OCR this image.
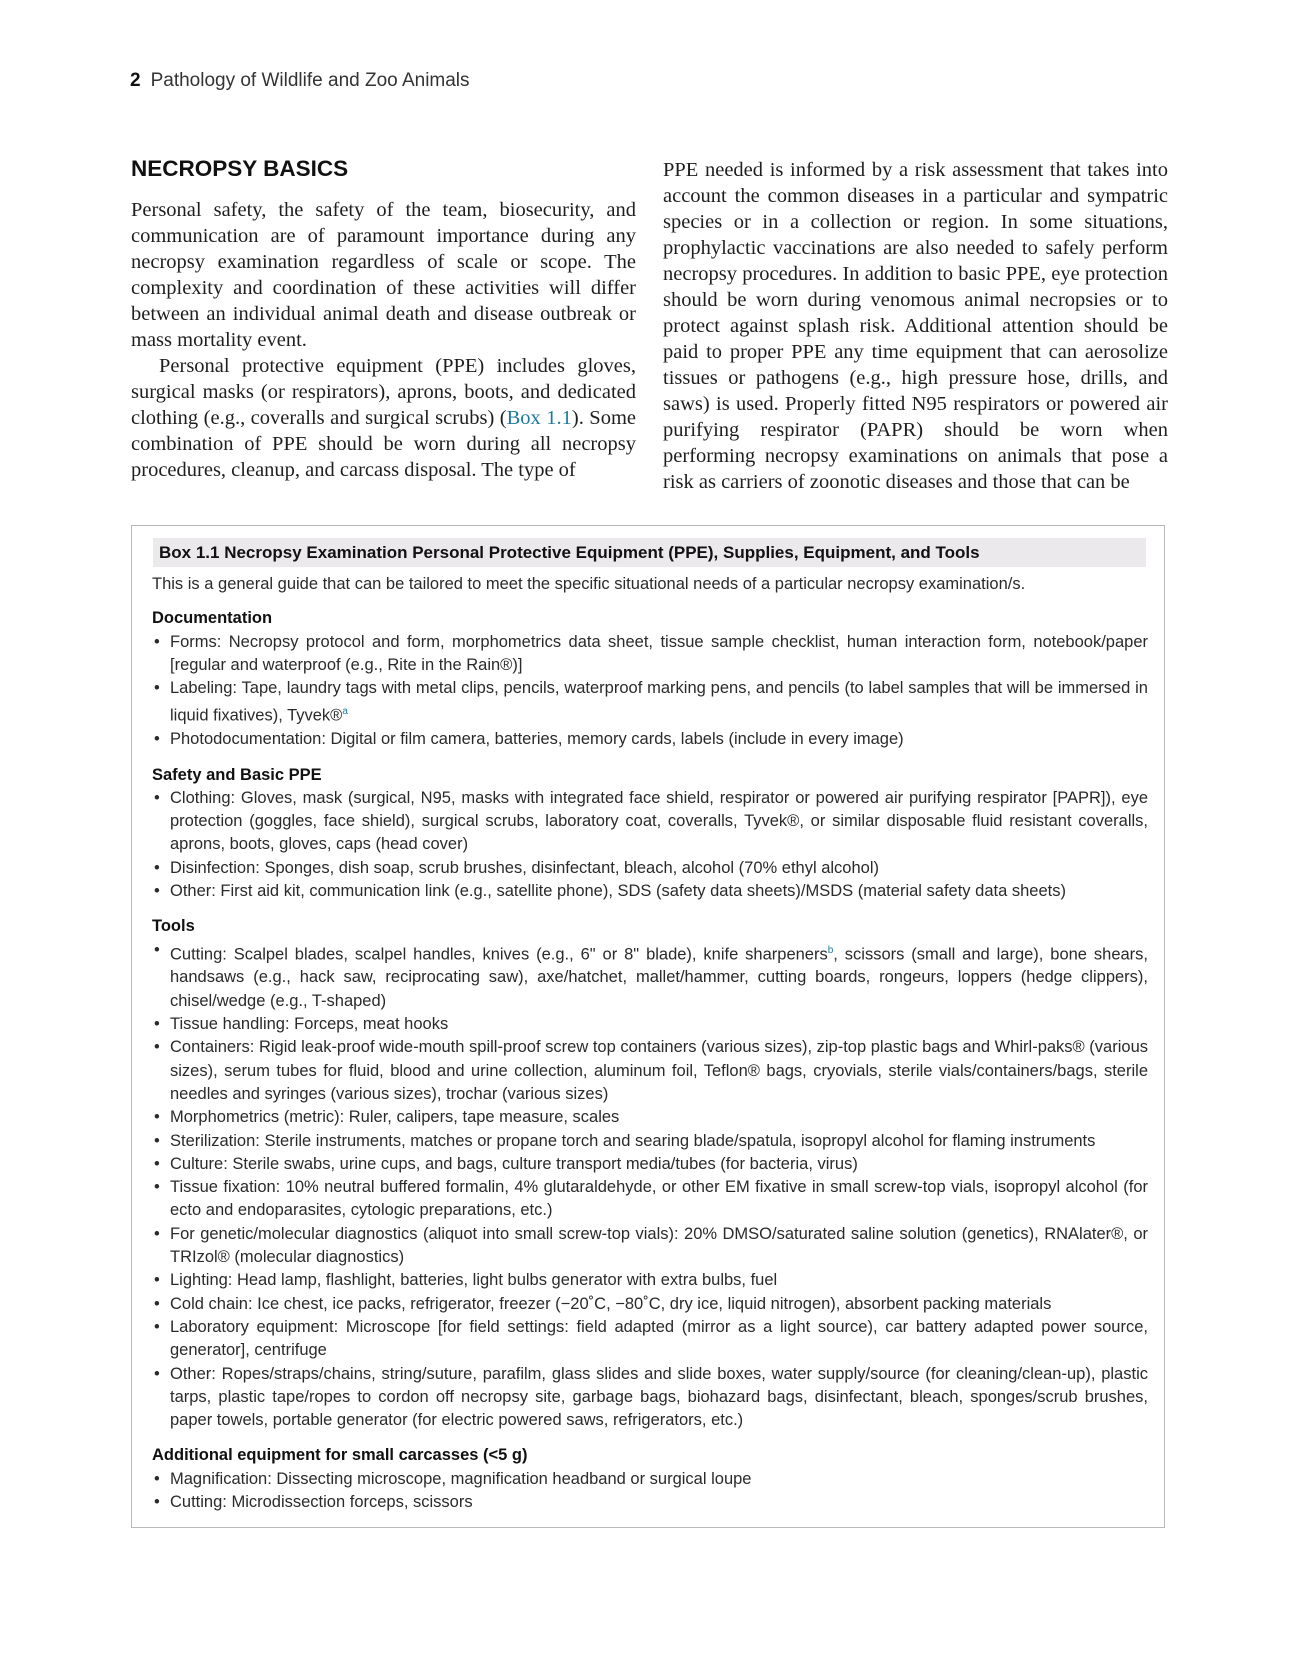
2 Pathology of Wildlife and Zoo Animals
NECROPSY BASICS

Personal safety, the safety of the team, biosecurity, and communication are of paramount importance during any necropsy examination regardless of scale or scope. The complexity and coordination of these activities will differ between an individual animal death and disease outbreak or mass mortality event.

Personal protective equipment (PPE) includes gloves, surgical masks (or respirators), aprons, boots, and dedicated clothing (e.g., coveralls and surgical scrubs) (Box 1.1). Some combination of PPE should be worn during all necropsy procedures, cleanup, and carcass disposal. The type of

PPE needed is informed by a risk assessment that takes into account the common diseases in a particular and sympatric species or in a collection or region. In some situations, prophylactic vaccinations are also needed to safely perform necropsy procedures. In addition to basic PPE, eye protection should be worn during venomous animal necropsies or to protect against splash risk. Additional attention should be paid to proper PPE any time equipment that can aerosolize tissues or pathogens (e.g., high pressure hose, drills, and saws) is used. Properly fitted N95 respirators or powered air purifying respirator (PAPR) should be worn when performing necropsy examinations on animals that pose a risk as carriers of zoonotic diseases and those that can be

Box 1.1 Necropsy Examination Personal Protective Equipment (PPE), Supplies, Equipment, and Tools

This is a general guide that can be tailored to meet the specific situational needs of a particular necropsy examination/s.

Documentation

• Forms: Necropsy protocol and form, morphometrics data sheet, tissue sample checklist, human interaction form, notebook/paper [regular and waterproof (e.g., Rite in the Rain®)]
• Labeling: Tape, laundry tags with metal clips, pencils, waterproof marking pens, and pencils (to label samples that will be immersed in liquid fixatives), Tyvek®$^a$
• Photodocumentation: Digital or film camera, batteries, memory cards, labels (include in every image)

Safety and Basic PPE

• Clothing: Gloves, mask (surgical, N95, masks with integrated face shield, respirator or powered air purifying respirator [PAPR]), eye protection (goggles, face shield), surgical scrubs, laboratory coat, coveralls, Tyvek®, or similar disposable fluid resistant coveralls, aprons, boots, gloves, caps (head cover)
• Disinfection: Sponges, dish soap, scrub brushes, disinfectant, bleach, alcohol (70% ethyl alcohol)
• Other: First aid kit, communication link (e.g., satellite phone), SDS (safety data sheets)/MSDS (material safety data sheets)

Tools

• Cutting: Scalpel blades, scalpel handles, knives (e.g., 6" or 8" blade), knife sharpeners$^b$, scissors (small and large), bone shears, handsaws (e.g., hack saw, reciprocating saw), axe/hatchet, mallet/hammer, cutting boards, rongeurs, loppers (hedge clippers), chisel/wedge (e.g., T-shaped)
• Tissue handling: Forceps, meat hooks
• Containers: Rigid leak-proof wide-mouth spill-proof screw top containers (various sizes), zip-top plastic bags and Whirl-paks® (various sizes), serum tubes for fluid, blood and urine collection, aluminum foil, Teflon® bags, cryovials, sterile vials/containers/bags, sterile needles and syringes (various sizes), trochar (various sizes)
• Morphometrics (metric): Ruler, calipers, tape measure, scales
• Sterilization: Sterile instruments, matches or propane torch and searing blade/spatula, isopropyl alcohol for flaming instruments
• Culture: Sterile swabs, urine cups, and bags, culture transport media/tubes (for bacteria, virus)
• Tissue fixation: 10% neutral buffered formalin, 4% glutaraldehyde, or other EM fixative in small screw-top vials, isopropyl alcohol (for ecto and endoparasites, cytologic preparations, etc.)
• For genetic/molecular diagnostics (aliquot into small screw-top vials): 20% DMSO/saturated saline solution (genetics), RNAlater®, or TRIzol® (molecular diagnostics)
• Lighting: Head lamp, flashlight, batteries, light bulbs generator with extra bulbs, fuel
• Cold chain: Ice chest, ice packs, refrigerator, freezer (−20˚C, −80˚C, dry ice, liquid nitrogen), absorbent packing materials
• Laboratory equipment: Microscope [for field settings: field adapted (mirror as a light source), car battery adapted power source, generator], centrifuge
• Other: Ropes/straps/chains, string/suture, parafilm, glass slides and slide boxes, water supply/source (for cleaning/clean-up), plastic tarps, plastic tape/ropes to cordon off necropsy site, garbage bags, biohazard bags, disinfectant, bleach, sponges/scrub brushes, paper towels, portable generator (for electric powered saws, refrigerators, etc.)

Additional equipment for small carcasses (<5 g)

• Magnification: Dissecting microscope, magnification headband or surgical loupe
• Cutting: Microdissection forceps, scissors
